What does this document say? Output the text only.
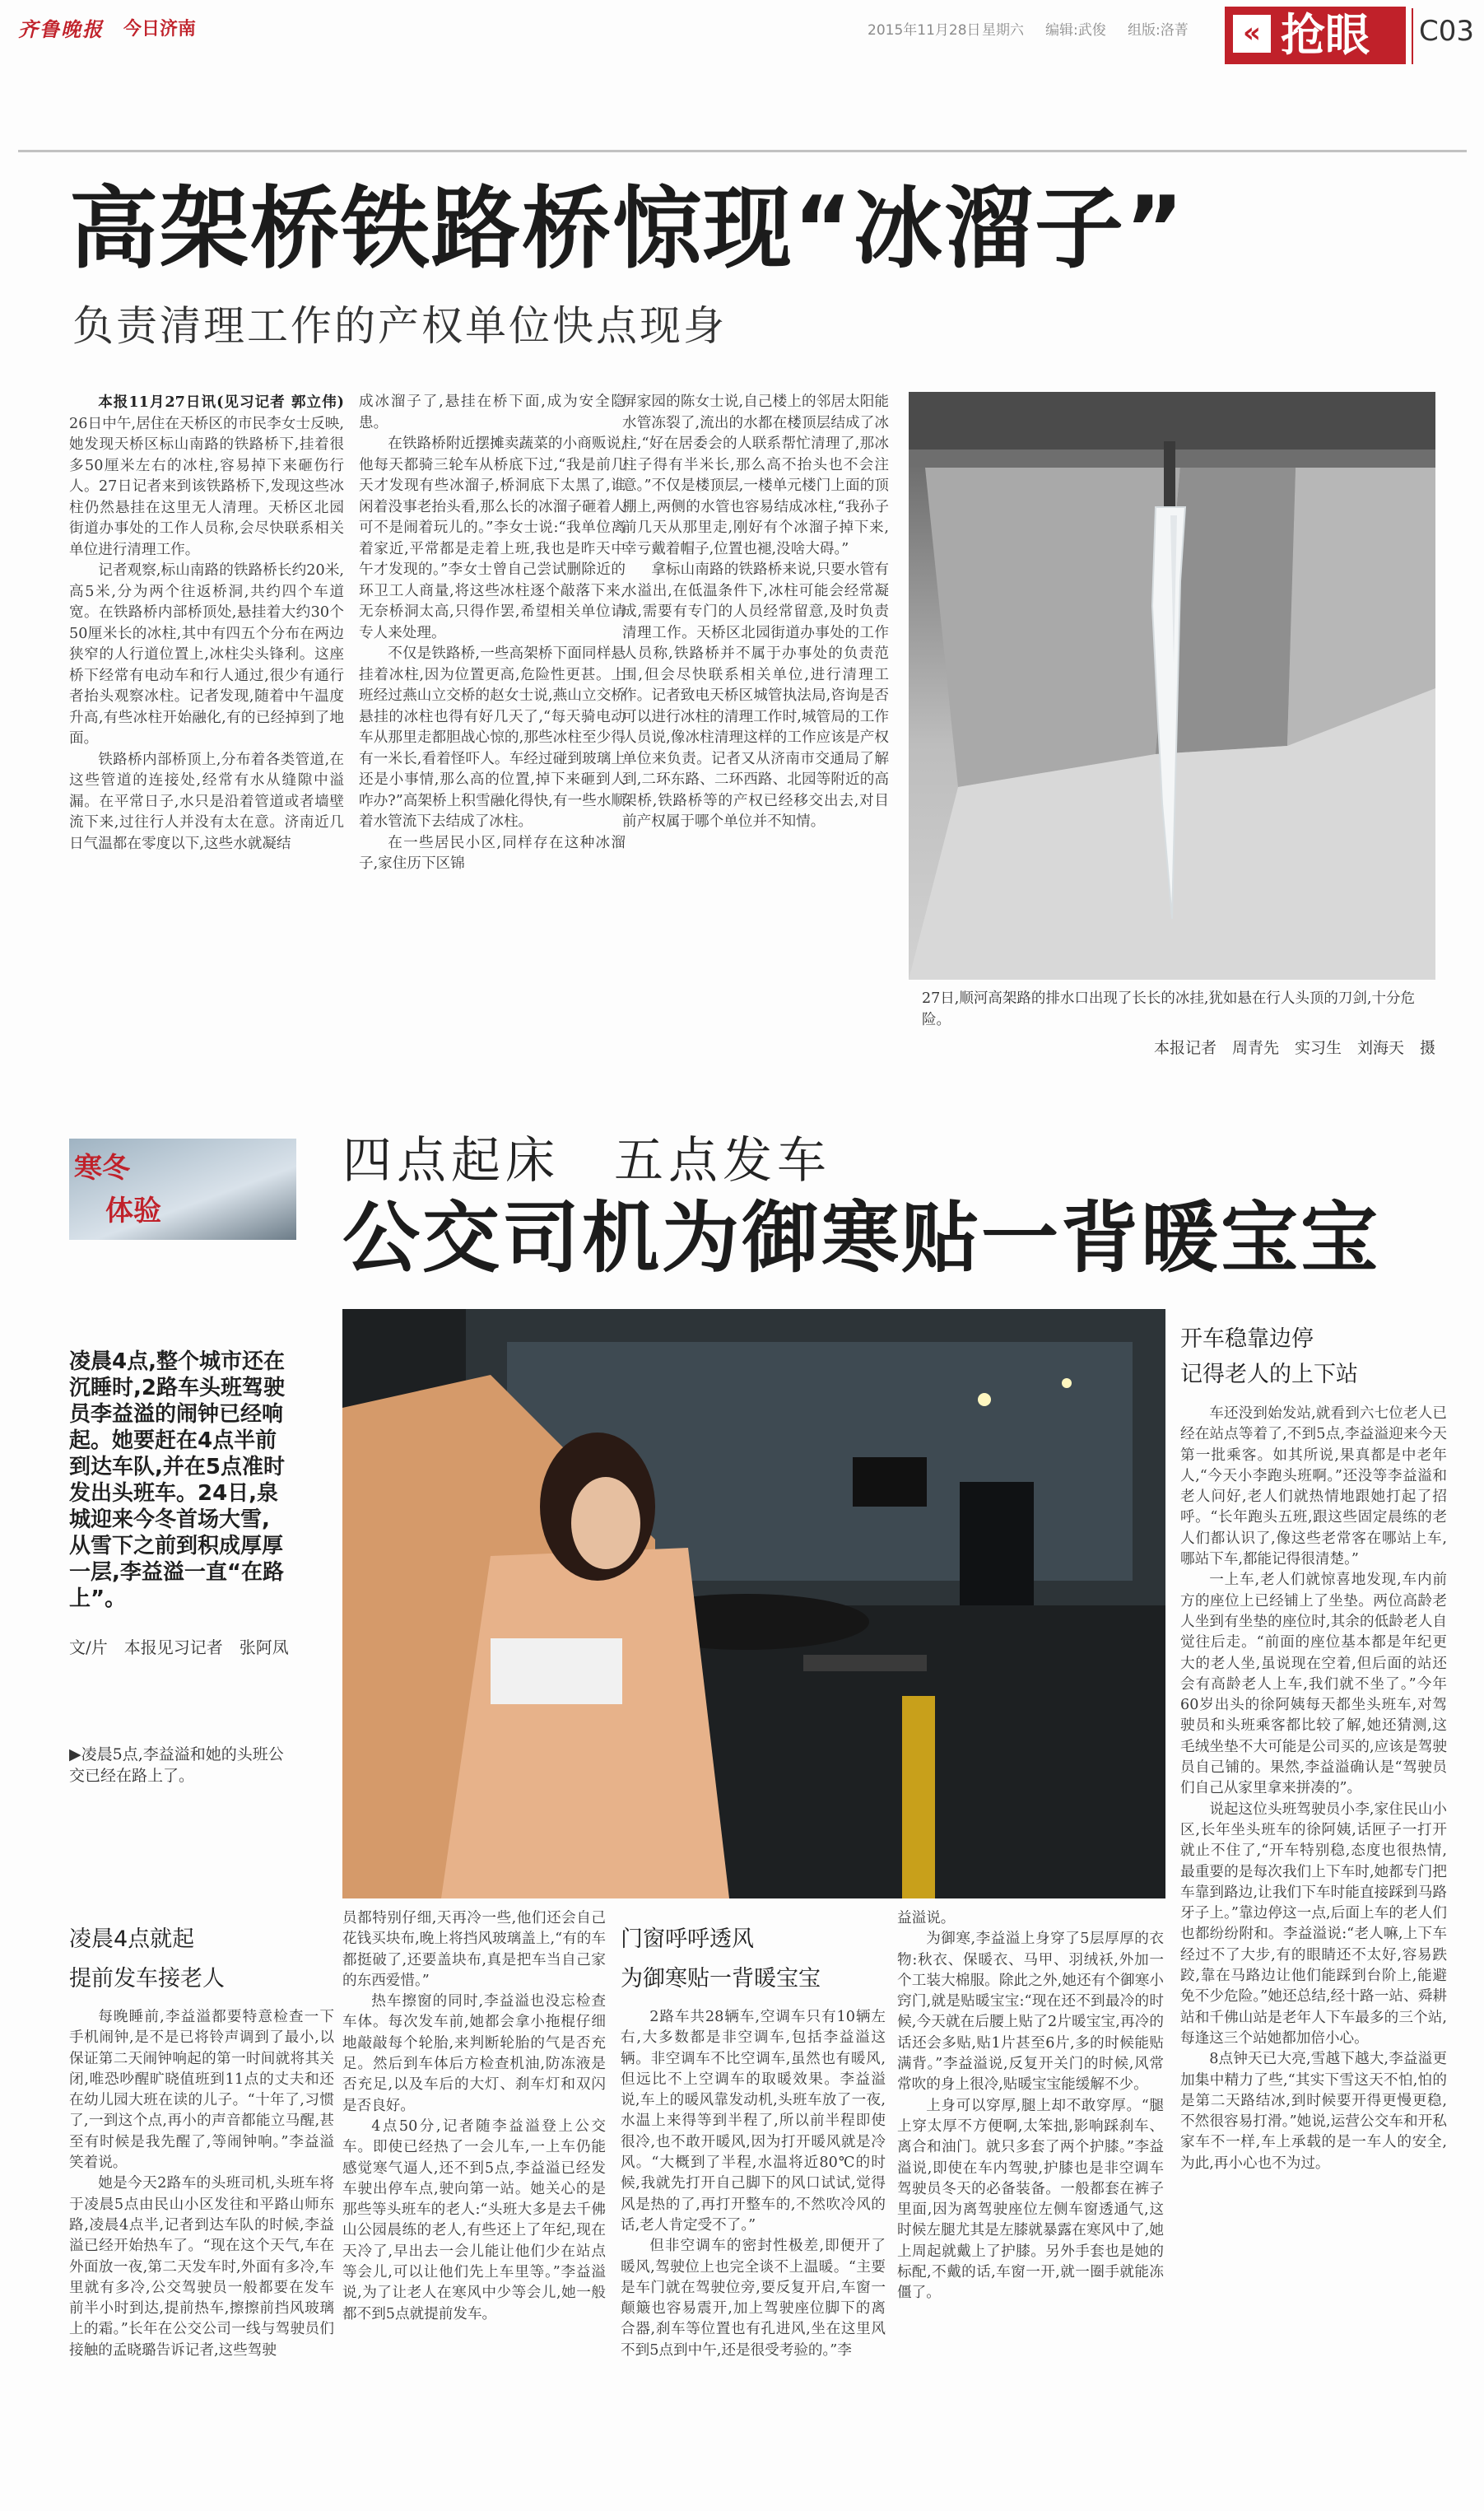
齐鲁晚报 今日济南	2015年11月28日 星期六 编辑:武俊 组版:洛菁	« 抢眼 C03
高架桥铁路桥惊现“冰溜子”
负责清理工作的产权单位快点现身

本报11月27日讯(见习记者 郭立伟)　26日中午,居住在天桥区的市民李女士反映,她发现天桥区标山南路的铁路桥下,挂着很多50厘米左右的冰柱,容易掉下来砸伤行人。27日记者来到该铁路桥下,发现这些冰柱仍然悬挂在这里无人清理。天桥区北园街道办事处的工作人员称,会尽快联系相关单位进行清理工作。

记者观察,标山南路的铁路桥长约20米,高5米,分为两个往返桥洞,共约四个车道宽。在铁路桥内部桥顶处,悬挂着大约30个50厘米长的冰柱,其中有四五个分布在两边狭窄的人行道位置上,冰柱尖头锋利。这座桥下经常有电动车和行人通过,很少有通行者抬头观察冰柱。记者发现,随着中午温度升高,有些冰柱开始融化,有的已经掉到了地面。

铁路桥内部桥顶上,分布着各类管道,在这些管道的连接处,经常有水从缝隙中溢漏。在平常日子,水只是沿着管道或者墙壁流下来,过往行人并没有太在意。济南近几日气温都在零度以下,这些水就凝结

成冰溜子了,悬挂在桥下面,成为安全隐患。

在铁路桥附近摆摊卖蔬菜的小商贩说,他每天都骑三轮车从桥底下过,“我是前几天才发现有些冰溜子,桥洞底下太黑了,谁闲着没事老抬头看,那么长的冰溜子砸着人可不是闹着玩儿的。”李女士说:“我单位离着家近,平常都是走着上班,我也是昨天中午才发现的。”李女士曾自己尝试删除近的环卫工人商量,将这些冰柱逐个敲落下来,无奈桥洞太高,只得作罢,希望相关单位请专人来处理。

不仅是铁路桥,一些高架桥下面同样悬挂着冰柱,因为位置更高,危险性更甚。上班经过燕山立交桥的赵女士说,燕山立交桥悬挂的冰柱也得有好几天了,“每天骑电动车从那里走都胆战心惊的,那些冰柱至少得有一米长,看着怪吓人。车经过碰到玻璃上还是小事情,那么高的位置,掉下来砸到人咋办?”高架桥上积雪融化得快,有一些水顺着水管流下去结成了冰柱。

在一些居民小区,同样存在这种冰溜子,家住历下区锦

屏家园的陈女士说,自己楼上的邻居太阳能水管冻裂了,流出的水都在楼顶层结成了冰柱,“好在居委会的人联系帮忙清理了,那冰柱子得有半米长,那么高不抬头也不会注意。”不仅是楼顶层,一楼单元楼门上面的顶棚上,两侧的水管也容易结成冰柱,“我孙子前几天从那里走,刚好有个冰溜子掉下来,幸亏戴着帽子,位置也褪,没啥大碍。”

拿标山南路的铁路桥来说,只要水管有水溢出,在低温条件下,冰柱可能会经常凝成,需要有专门的人员经常留意,及时负责清理工作。天桥区北园街道办事处的工作人员称,铁路桥并不属于办事处的负责范围,但会尽快联系相关单位,进行清理工作。记者致电天桥区城管执法局,咨询是否可以进行冰柱的清理工作时,城管局的工作人员说,像冰柱清理这样的工作应该是产权单位来负责。记者又从济南市交通局了解到,二环东路、二环西路、北园等附近的高架桥,铁路桥等的产权已经移交出去,对目前产权属于哪个单位并不知情。

27日,顺河高架路的排水口出现了长长的冰挂,犹如悬在行人头顶的刀剑,十分危险。
本报记者　周青先　实习生　刘海天　摄
寒冬
体验
四点起床　五点发车
公交司机为御寒贴一背暖宝宝
凌晨4点,整个城市还在沉睡时,2路车头班驾驶员李益溢的闹钟已经响起。她要赶在4点半前到达车队,并在5点准时发出头班车。24日,泉城迎来今冬首场大雪,从雪下之前到积成厚厚一层,李益溢一直“在路上”。
文/片　本报见习记者　张阿凤
▶凌晨5点,李益溢和她的头班公交已经在路上了。
开车稳靠边停
记得老人的上下站

车还没到始发站,就看到六七位老人已经在站点等着了,不到5点,李益溢迎来今天第一批乘客。如其所说,果真都是中老年人,“今天小李跑头班啊。”还没等李益溢和老人问好,老人们就热情地跟她打起了招呼。“长年跑头五班,跟这些固定晨练的老人们都认识了,像这些老常客在哪站上车,哪站下车,都能记得很清楚。”

一上车,老人们就惊喜地发现,车内前方的座位上已经铺上了坐垫。两位高龄老人坐到有坐垫的座位时,其余的低龄老人自觉往后走。“前面的座位基本都是年纪更大的老人坐,虽说现在空着,但后面的站还会有高龄老人上车,我们就不坐了。”今年60岁出头的徐阿姨每天都坐头班车,对驾驶员和头班乘客都比较了解,她还猜测,这毛绒坐垫不大可能是公司买的,应该是驾驶员自己铺的。果然,李益溢确认是“驾驶员们自己从家里拿来拼凑的”。

说起这位头班驾驶员小李,家住民山小区,长年坐头班车的徐阿姨,话匣子一打开就止不住了,“开车特别稳,态度也很热情,最重要的是每次我们上下车时,她都专门把车靠到路边,让我们下车时能直接踩到马路牙子上。”靠边停这一点,后面上车的老人们也都纷纷附和。李益溢说:“老人嘛,上下车经过不了大步,有的眼睛还不太好,容易跌跤,靠在马路边让他们能踩到台阶上,能避免不少危险。”她还总结,经十路一站、舜耕站和千佛山站是老年人下车最多的三个站,每逢这三个站她都加倍小心。

8点钟天已大亮,雪越下越大,李益溢更加集中精力了些,“其实下雪这天不怕,怕的是第二天路结冰,到时候要开得更慢更稳,不然很容易打滑。”她说,运营公交车和开私家车不一样,车上承载的是一车人的安全,为此,再小心也不为过。

凌晨4点就起
提前发车接老人

每晚睡前,李益溢都要特意检查一下手机闹钟,是不是已将铃声调到了最小,以保证第二天闹钟响起的第一时间就将其关闭,唯恐吵醒旷晓值班到11点的丈夫和还在幼儿园大班在读的儿子。“十年了,习惯了,一到这个点,再小的声音都能立马醒,甚至有时候是我先醒了,等闹钟响。”李益溢笑着说。

她是今天2路车的头班司机,头班车将于凌晨5点由民山小区发往和平路山师东路,凌晨4点半,记者到达车队的时候,李益溢已经开始热车了。“现在这个天气,车在外面放一夜,第二天发车时,外面有多冷,车里就有多冷,公交驾驶员一般都要在发车前半小时到达,提前热车,擦擦前挡风玻璃上的霜。”长年在公交公司一线与驾驶员们接触的孟晓璐告诉记者,这些驾驶

员都特别仔细,天再冷一些,他们还会自己花钱买块布,晚上将挡风玻璃盖上,“有的车都挺破了,还要盖块布,真是把车当自己家的东西爱惜。”

热车擦窗的同时,李益溢也没忘检查车体。每次发车前,她都会拿小拖棍仔细地敲敲每个轮胎,来判断轮胎的气是否充足。然后到车体后方检查机油,防冻液是否充足,以及车后的大灯、刹车灯和双闪是否良好。

4点50分,记者随李益溢登上公交车。即使已经热了一会儿车,一上车仍能感觉寒气逼人,还不到5点,李益溢已经发车驶出停车点,驶向第一站。她关心的是那些等头班车的老人:“头班大多是去千佛山公园晨练的老人,有些还上了年纪,现在天冷了,早出去一会儿能让他们少在站点等会儿,可以让他们先上车里等。”李益溢说,为了让老人在寒风中少等会儿,她一般都不到5点就提前发车。

门窗呼呼透风
为御寒贴一背暖宝宝

2路车共28辆车,空调车只有10辆左右,大多数都是非空调车,包括李益溢这辆。非空调车不比空调车,虽然也有暖风,但远比不上空调车的取暖效果。李益溢说,车上的暖风靠发动机,头班车放了一夜,水温上来得等到半程了,所以前半程即使很冷,也不敢开暖风,因为打开暖风就是冷风。“大概到了半程,水温将近80℃的时候,我就先打开自己脚下的风口试试,觉得风是热的了,再打开整车的,不然吹冷风的话,老人肯定受不了。”

但非空调车的密封性极差,即便开了暖风,驾驶位上也完全谈不上温暖。“主要是车门就在驾驶位旁,要反复开启,车窗一颠簸也容易震开,加上驾驶座位脚下的离合器,刹车等位置也有孔进风,坐在这里风不到5点到中午,还是很受考验的。”李

益溢说。

为御寒,李益溢上身穿了5层厚厚的衣物:秋衣、保暖衣、马甲、羽绒袄,外加一个工装大棉服。除此之外,她还有个御寒小窍门,就是贴暖宝宝:“现在还不到最冷的时候,今天就在后腰上贴了2片暖宝宝,再冷的话还会多贴,贴1片甚至6片,多的时候能贴满背。”李益溢说,反复开关门的时候,风常常吹的身上很冷,贴暖宝宝能缓解不少。

上身可以穿厚,腿上却不敢穿厚。“腿上穿太厚不方便啊,太笨拙,影响踩刹车、离合和油门。就只多套了两个护膝。”李益溢说,即使在车内驾驶,护膝也是非空调车驾驶员冬天的必备装备。一般都套在裤子里面,因为离驾驶座位左侧车窗透通气,这时候左腿尤其是左膝就暴露在寒风中了,她上周起就戴上了护膝。另外手套也是她的标配,不戴的话,车窗一开,就一圈手就能冻僵了。
